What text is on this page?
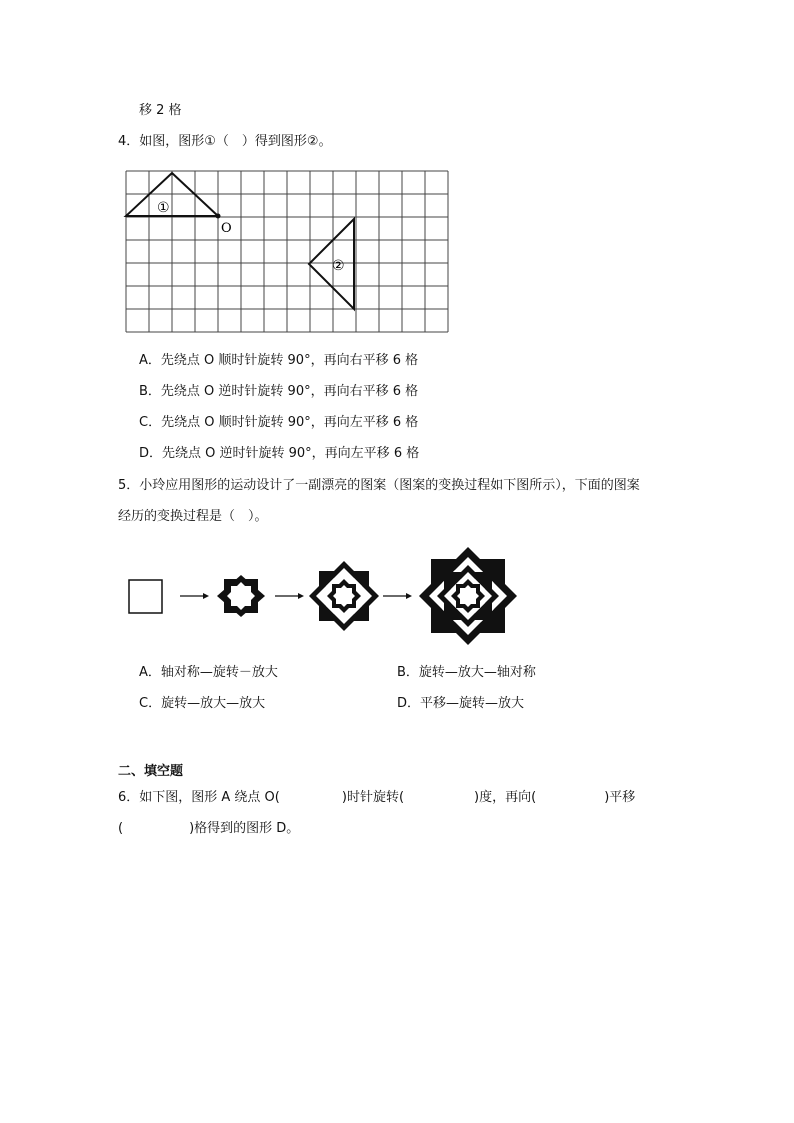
移 2 格
4．如图，图形①（　）得到图形②。
①
②
O
A．先绕点 O 顺时针旋转 90°，再向右平移 6 格
B．先绕点 O 逆时针旋转 90°，再向右平移 6 格
C．先绕点 O 顺时针旋转 90°，再向左平移 6 格
D．先绕点 O 逆时针旋转 90°，再向左平移 6 格
5．小玲应用图形的运动设计了一副漂亮的图案（图案的变换过程如下图所示），下面的图案
经历的变换过程是（　）。
A．轴对称—旋转－放大	B．旋转—放大—轴对称
C．旋转—放大—放大	D．平移—旋转—放大
二、填空题
6．如下图，图形 A 绕点 O(	)时针旋转(	)度，再向(	)平移
(	)格得到的图形 D。
